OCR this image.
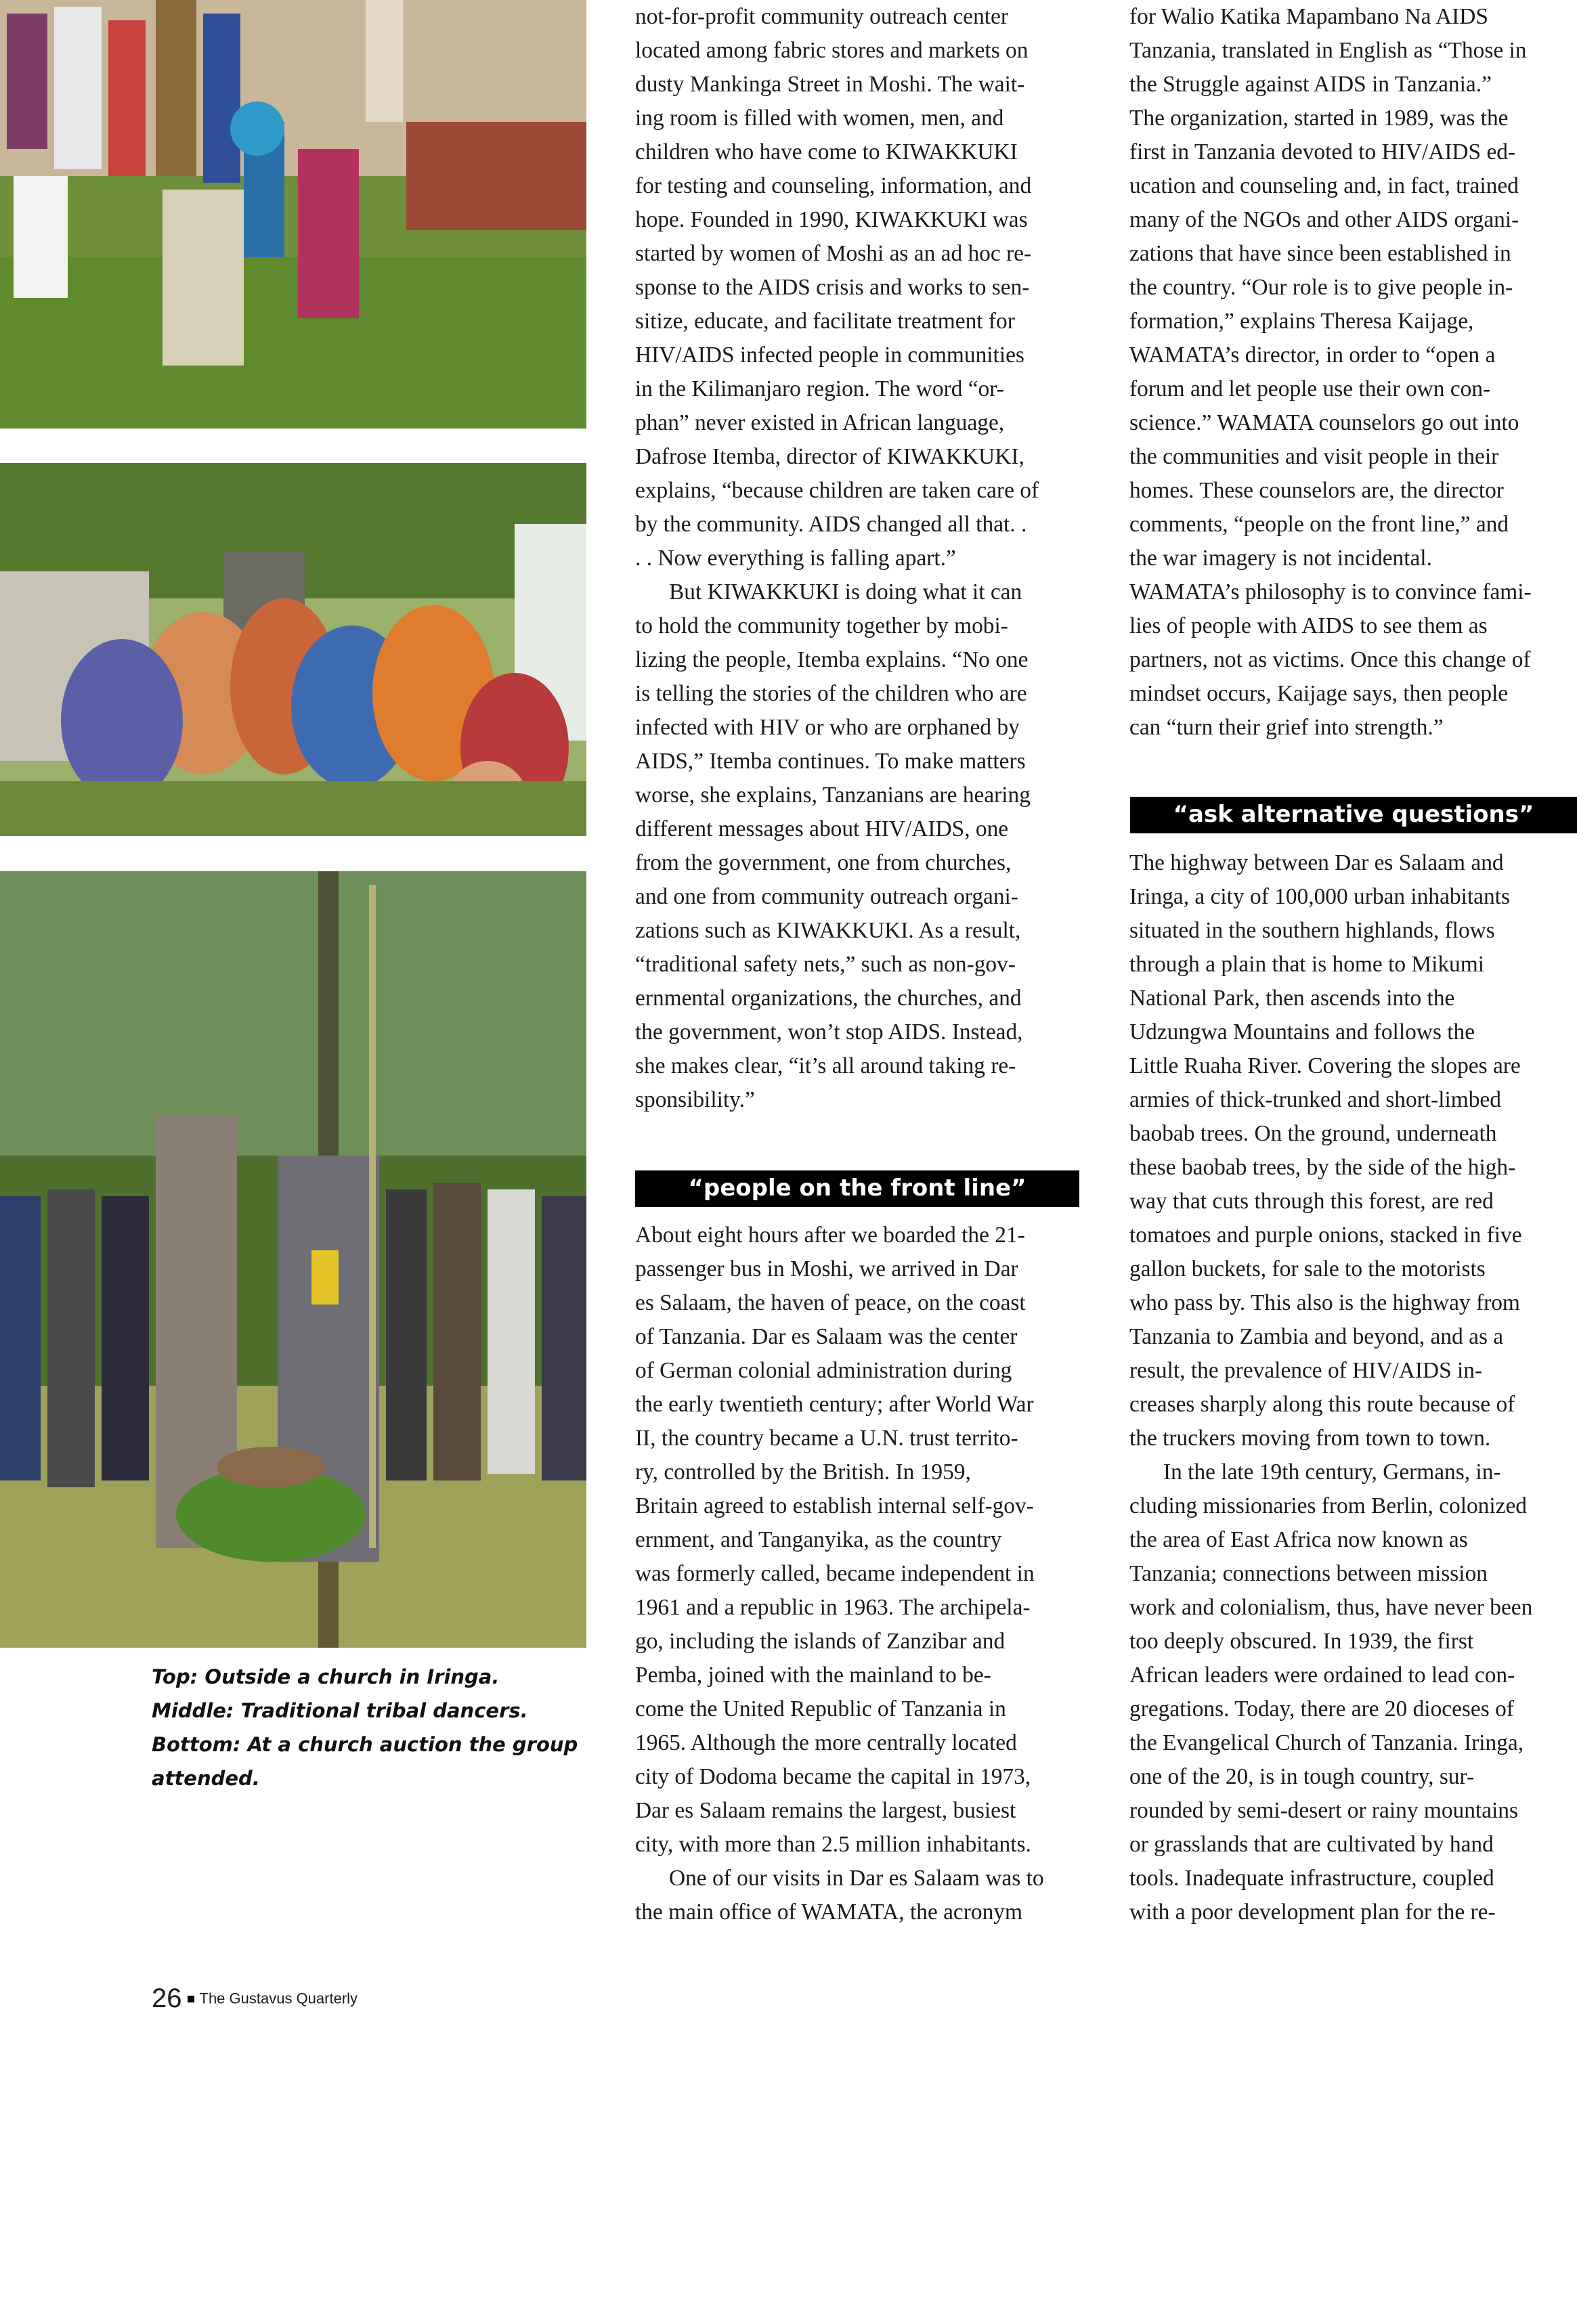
Top: Outside a church in Iringa.
Middle: Traditional tribal dancers.
Bottom: At a church auction the group
attended.

not-for-profit community outreach center
located among fabric stores and markets on
dusty Mankinga Street in Moshi. The wait-
ing room is filled with women, men, and
children who have come to KIWAKKUKI
for testing and counseling, information, and
hope. Founded in 1990, KIWAKKUKI was
started by women of Moshi as an ad hoc re-
sponse to the AIDS crisis and works to sen-
sitize, educate, and facilitate treatment for
HIV/AIDS infected people in communities
in the Kilimanjaro region. The word “or-
phan” never existed in African language,
Dafrose Itemba, director of KIWAKKUKI,
explains, “because children are taken care of
by the community. AIDS changed all that. .
. . Now everything is falling apart.”

But KIWAKKUKI is doing what it can
to hold the community together by mobi-
lizing the people, Itemba explains. “No one
is telling the stories of the children who are
infected with HIV or who are orphaned by
AIDS,” Itemba continues. To make matters
worse, she explains, Tanzanians are hearing
different messages about HIV/AIDS, one
from the government, one from churches,
and one from community outreach organi-
zations such as KIWAKKUKI. As a result,
“traditional safety nets,” such as non-gov-
ernmental organizations, the churches, and
the government, won’t stop AIDS. Instead,
she makes clear, “it’s all around taking re-
sponsibility.”

“people on the front line”

About eight hours after we boarded the 21-
passenger bus in Moshi, we arrived in Dar
es Salaam, the haven of peace, on the coast
of Tanzania. Dar es Salaam was the center
of German colonial administration during
the early twentieth century; after World War
II, the country became a U.N. trust territo-
ry, controlled by the British. In 1959,
Britain agreed to establish internal self-gov-
ernment, and Tanganyika, as the country
was formerly called, became independent in
1961 and a republic in 1963. The archipela-
go, including the islands of Zanzibar and
Pemba, joined with the mainland to be-
come the United Republic of Tanzania in
1965. Although the more centrally located
city of Dodoma became the capital in 1973,
Dar es Salaam remains the largest, busiest
city, with more than 2.5 million inhabitants.

One of our visits in Dar es Salaam was to
the main office of WAMATA, the acronym

for Walio Katika Mapambano Na AIDS
Tanzania, translated in English as “Those in
the Struggle against AIDS in Tanzania.”
The organization, started in 1989, was the
first in Tanzania devoted to HIV/AIDS ed-
ucation and counseling and, in fact, trained
many of the NGOs and other AIDS organi-
zations that have since been established in
the country. “Our role is to give people in-
formation,” explains Theresa Kaijage,
WAMATA’s director, in order to “open a
forum and let people use their own con-
science.” WAMATA counselors go out into
the communities and visit people in their
homes. These counselors are, the director
comments, “people on the front line,” and
the war imagery is not incidental.
WAMATA’s philosophy is to convince fami-
lies of people with AIDS to see them as
partners, not as victims. Once this change of
mindset occurs, Kaijage says, then people
can “turn their grief into strength.”

“ask alternative questions”

The highway between Dar es Salaam and
Iringa, a city of 100,000 urban inhabitants
situated in the southern highlands, flows
through a plain that is home to Mikumi
National Park, then ascends into the
Udzungwa Mountains and follows the
Little Ruaha River. Covering the slopes are
armies of thick-trunked and short-limbed
baobab trees. On the ground, underneath
these baobab trees, by the side of the high-
way that cuts through this forest, are red
tomatoes and purple onions, stacked in five
gallon buckets, for sale to the motorists
who pass by. This also is the highway from
Tanzania to Zambia and beyond, and as a
result, the prevalence of HIV/AIDS in-
creases sharply along this route because of
the truckers moving from town to town.

In the late 19th century, Germans, in-
cluding missionaries from Berlin, colonized
the area of East Africa now known as
Tanzania; connections between mission
work and colonialism, thus, have never been
too deeply obscured. In 1939, the first
African leaders were ordained to lead con-
gregations. Today, there are 20 dioceses of
the Evangelical Church of Tanzania. Iringa,
one of the 20, is in tough country, sur-
rounded by semi-desert or rainy mountains
or grasslands that are cultivated by hand
tools. Inadequate infrastructure, coupled
with a poor development plan for the re-

26 The Gustavus Quarterly
